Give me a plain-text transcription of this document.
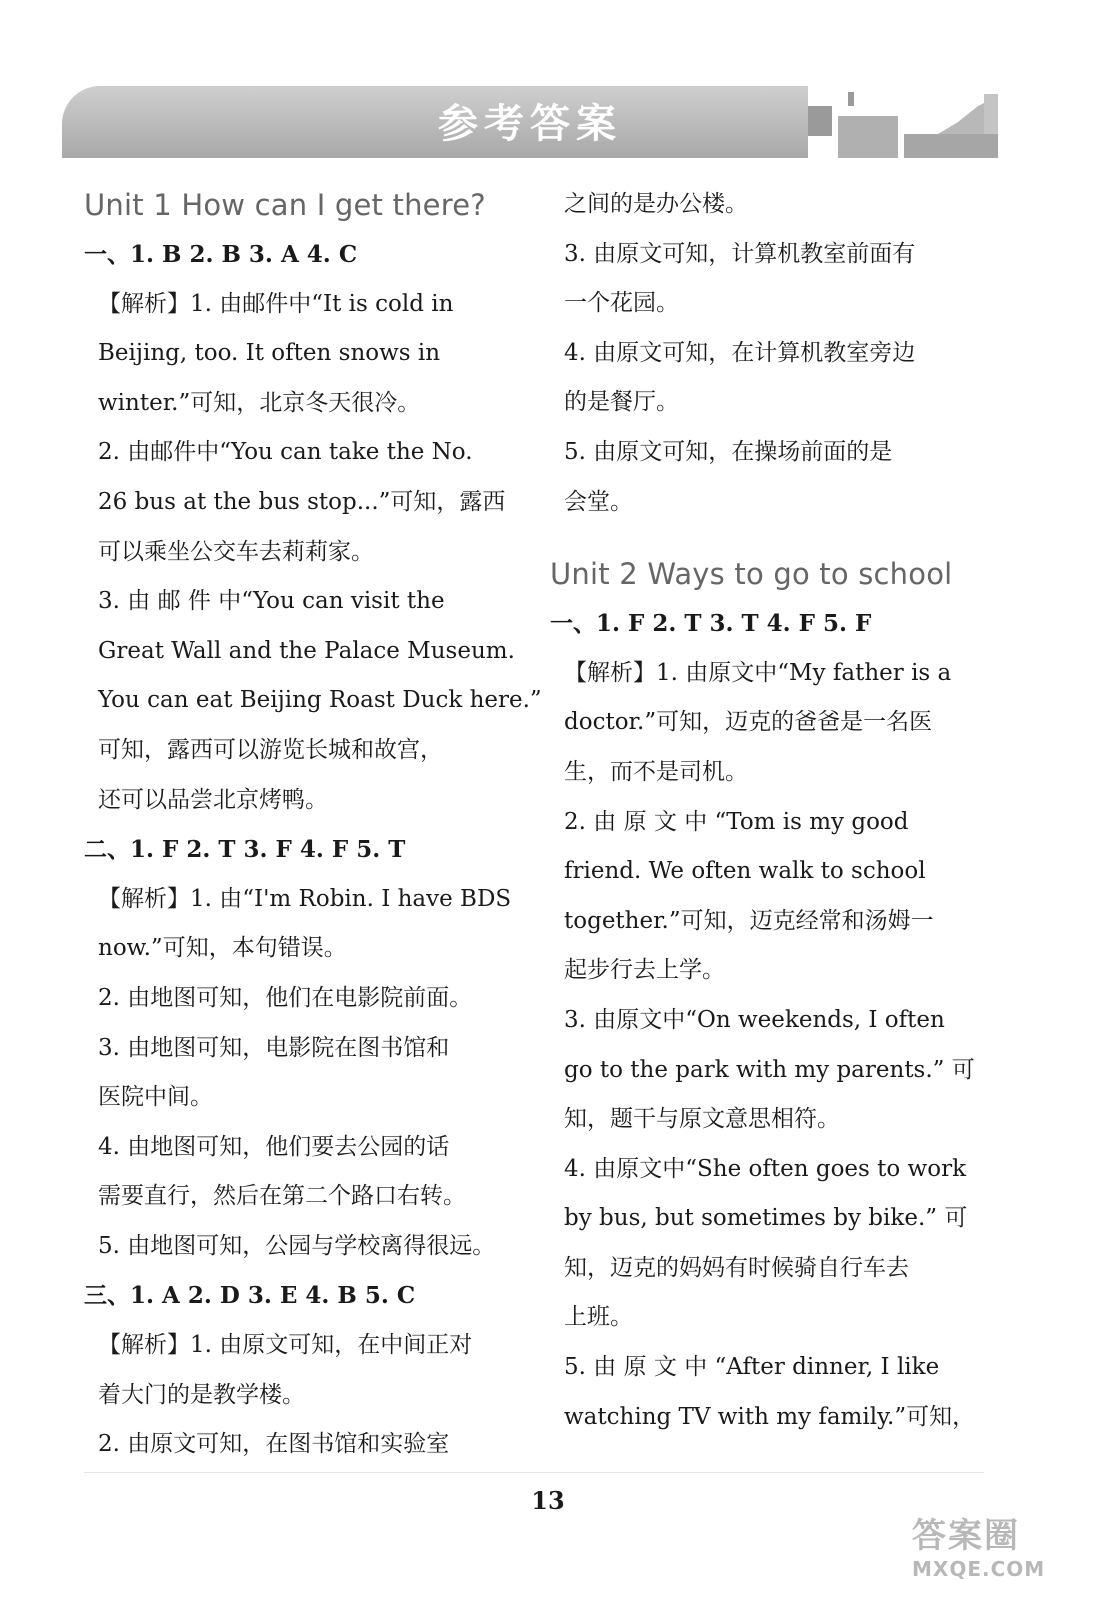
参考答案
Unit 1 How can I get there?
一、1. B 2. B 3. A 4. C
【解析】1. 由邮件中“It is cold in
Beijing, too. It often snows in
winter.”可知，北京冬天很冷。
2. 由邮件中“You can take the No.
26 bus at the bus stop...”可知，露西
可以乘坐公交车去莉莉家。
3. 由 邮 件 中“You can visit the
Great Wall and the Palace Museum.
You can eat Beijing Roast Duck here.”
可知，露西可以游览长城和故宫，
还可以品尝北京烤鸭。
二、1. F 2. T 3. F 4. F 5. T
【解析】1. 由“I'm Robin. I have BDS
now.”可知，本句错误。
2. 由地图可知，他们在电影院前面。
3. 由地图可知，电影院在图书馆和
医院中间。
4. 由地图可知，他们要去公园的话
需要直行，然后在第二个路口右转。
5. 由地图可知，公园与学校离得很远。
三、1. A 2. D 3. E 4. B 5. C
【解析】1. 由原文可知，在中间正对
着大门的是教学楼。
2. 由原文可知，在图书馆和实验室
之间的是办公楼。
3. 由原文可知，计算机教室前面有
一个花园。
4. 由原文可知，在计算机教室旁边
的是餐厅。
5. 由原文可知，在操场前面的是
会堂。
Unit 2 Ways to go to school
一、1. F 2. T 3. T 4. F 5. F
【解析】1. 由原文中“My father is a
doctor.”可知，迈克的爸爸是一名医
生，而不是司机。
2. 由 原 文 中 “Tom is my good
friend. We often walk to school
together.”可知，迈克经常和汤姆一
起步行去上学。
3. 由原文中“On weekends, I often
go to the park with my parents.” 可
知，题干与原文意思相符。
4. 由原文中“She often goes to work
by bus, but sometimes by bike.” 可
知，迈克的妈妈有时候骑自行车去
上班。
5. 由 原 文 中 “After dinner, I like
watching TV with my family.”可知，
13
答案圈
MXQE.COM
